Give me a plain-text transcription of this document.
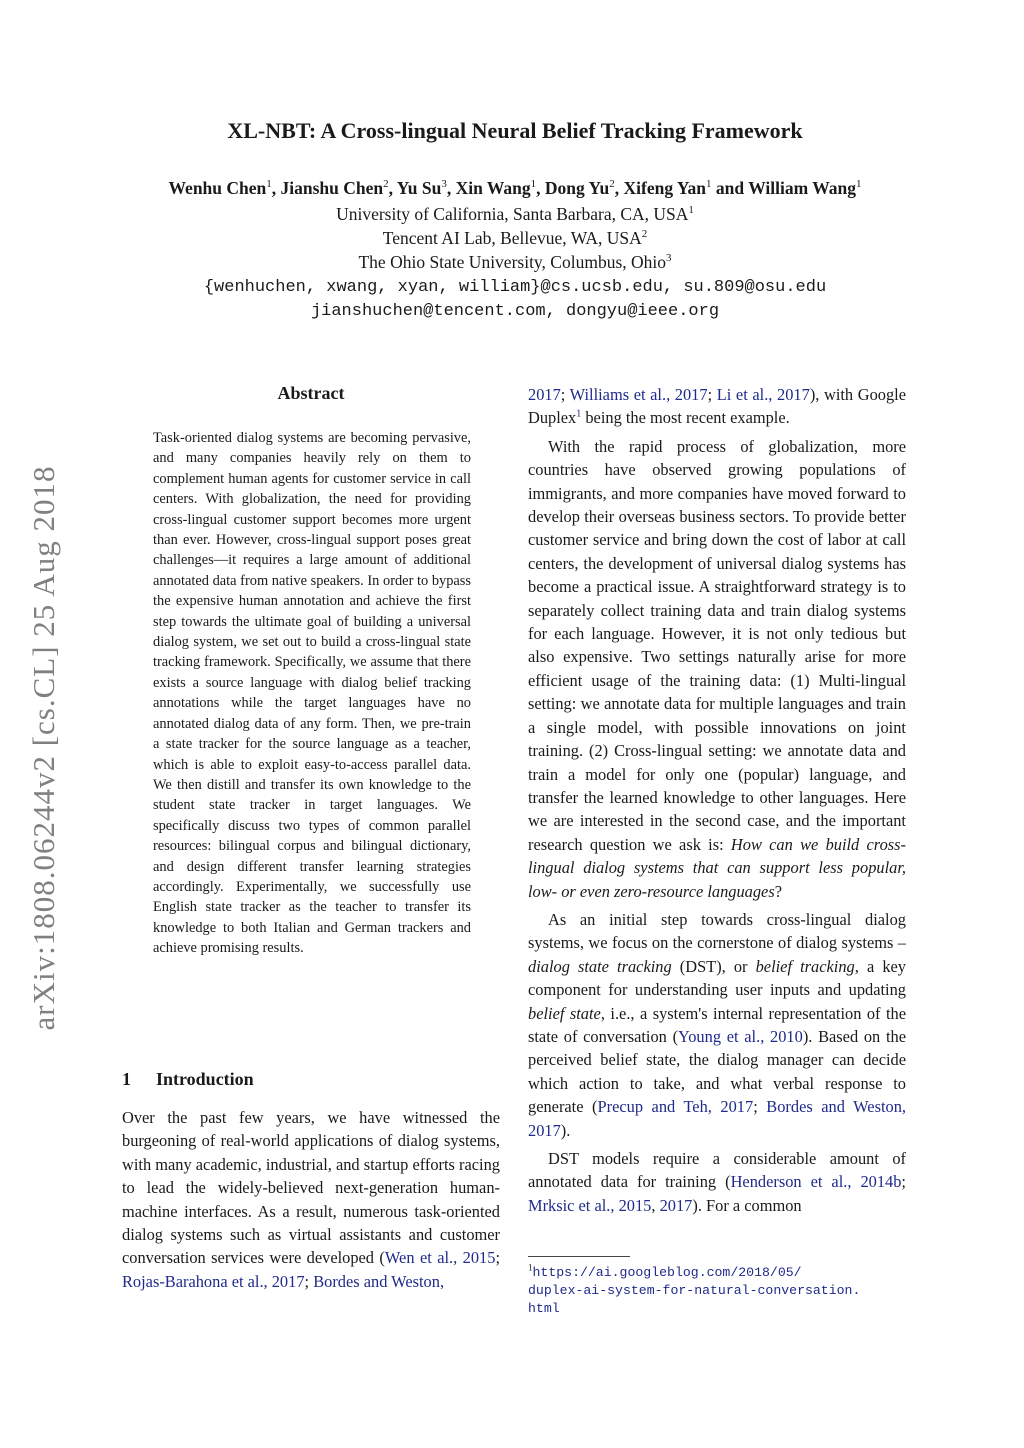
arXiv:1808.06244v2 [cs.CL] 25 Aug 2018
XL-NBT: A Cross-lingual Neural Belief Tracking Framework
Wenhu Chen$^1$, Jianshu Chen$^2$, Yu Su$^3$, Xin Wang$^1$, Dong Yu$^2$, Xifeng Yan$^1$ and William Wang$^1$
University of California, Santa Barbara, CA, USA$^1$
Tencent AI Lab, Bellevue, WA, USA$^2$
The Ohio State University, Columbus, Ohio$^3$
{wenhuchen, xwang, xyan, william}@cs.ucsb.edu, su.809@osu.edu
jianshuchen@tencent.com, dongyu@ieee.org
Abstract
Task-oriented dialog systems are becoming pervasive, and many companies heavily rely on them to complement human agents for customer service in call centers. With globalization, the need for providing cross-lingual customer support becomes more urgent than ever. However, cross-lingual support poses great challenges—it requires a large amount of additional annotated data from native speakers. In order to bypass the expensive human annotation and achieve the first step towards the ultimate goal of building a universal dialog system, we set out to build a cross-lingual state tracking framework. Specifically, we assume that there exists a source language with dialog belief tracking annotations while the target languages have no annotated dialog data of any form. Then, we pre-train a state tracker for the source language as a teacher, which is able to exploit easy-to-access parallel data. We then distill and transfer its own knowledge to the student state tracker in target languages. We specifically discuss two types of common parallel resources: bilingual corpus and bilingual dictionary, and design different transfer learning strategies accordingly. Experimentally, we successfully use English state tracker as the teacher to transfer its knowledge to both Italian and German trackers and achieve promising results.
1 Introduction
Over the past few years, we have witnessed the burgeoning of real-world applications of dialog systems, with many academic, industrial, and startup efforts racing to lead the widely-believed next-generation human-machine interfaces. As a result, numerous task-oriented dialog systems such as virtual assistants and customer conversation services were developed (Wen et al., 2015; Rojas-Barahona et al., 2017; Bordes and Weston,

2017; Williams et al., 2017; Li et al., 2017), with Google Duplex$^1$ being the most recent example.

With the rapid process of globalization, more countries have observed growing populations of immigrants, and more companies have moved forward to develop their overseas business sectors. To provide better customer service and bring down the cost of labor at call centers, the development of universal dialog systems has become a practical issue. A straightforward strategy is to separately collect training data and train dialog systems for each language. However, it is not only tedious but also expensive. Two settings naturally arise for more efficient usage of the training data: (1) Multi-lingual setting: we annotate data for multiple languages and train a single model, with possible innovations on joint training. (2) Cross-lingual setting: we annotate data and train a model for only one (popular) language, and transfer the learned knowledge to other languages. Here we are interested in the second case, and the important research question we ask is: How can we build cross-lingual dialog systems that can support less popular, low- or even zero-resource languages?

As an initial step towards cross-lingual dialog systems, we focus on the cornerstone of dialog systems – dialog state tracking (DST), or belief tracking, a key component for understanding user inputs and updating belief state, i.e., a system's internal representation of the state of conversation (Young et al., 2010). Based on the perceived belief state, the dialog manager can decide which action to take, and what verbal response to generate (Precup and Teh, 2017; Bordes and Weston, 2017).

DST models require a considerable amount of annotated data for training (Henderson et al., 2014b; Mrksic et al., 2015, 2017). For a common

$^1$https://ai.googleblog.com/2018/05/
duplex-ai-system-for-natural-conversation.
html
